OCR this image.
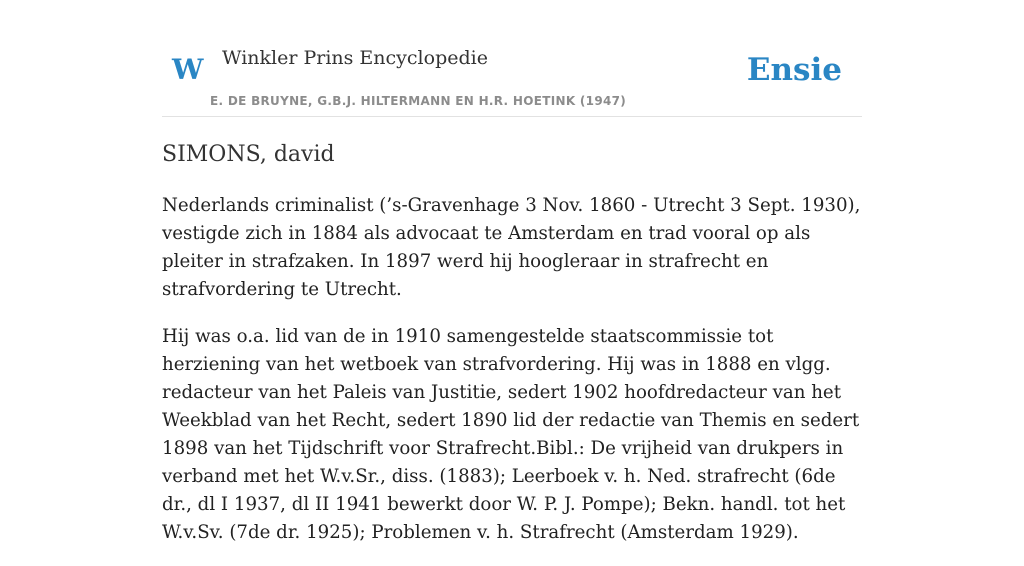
W Winkler Prins Encyclopedie	Ensie
E. DE BRUYNE, G.B.J. HILTERMANN EN H.R. HOETINK (1947)
SIMONS, david

Nederlands criminalist (’s-Gravenhage 3 Nov. 1860 - Utrecht 3 Sept. 1930), vestigde zich in 1884 als advocaat te Amsterdam en trad vooral op als pleiter in strafzaken. In 1897 werd hij hoogleraar in strafrecht en strafvordering te Utrecht.

Hij was o.a. lid van de in 1910 samengestelde staatscommissie tot herziening van het wetboek van strafvordering. Hij was in 1888 en vlgg. redacteur van het Paleis van Justitie, sedert 1902 hoofdredacteur van het Weekblad van het Recht, sedert 1890 lid der redactie van Themis en sedert 1898 van het Tijdschrift voor Strafrecht.Bibl.: De vrijheid van drukpers in verband met het W.v.Sr., diss. (1883); Leerboek v. h. Ned. strafrecht (6de dr., dl I 1937, dl II 1941 bewerkt door W. P. J. Pompe); Bekn. handl. tot het W.v.Sv. (7de dr. 1925); Problemen v. h. Strafrecht (Amsterdam 1929).
